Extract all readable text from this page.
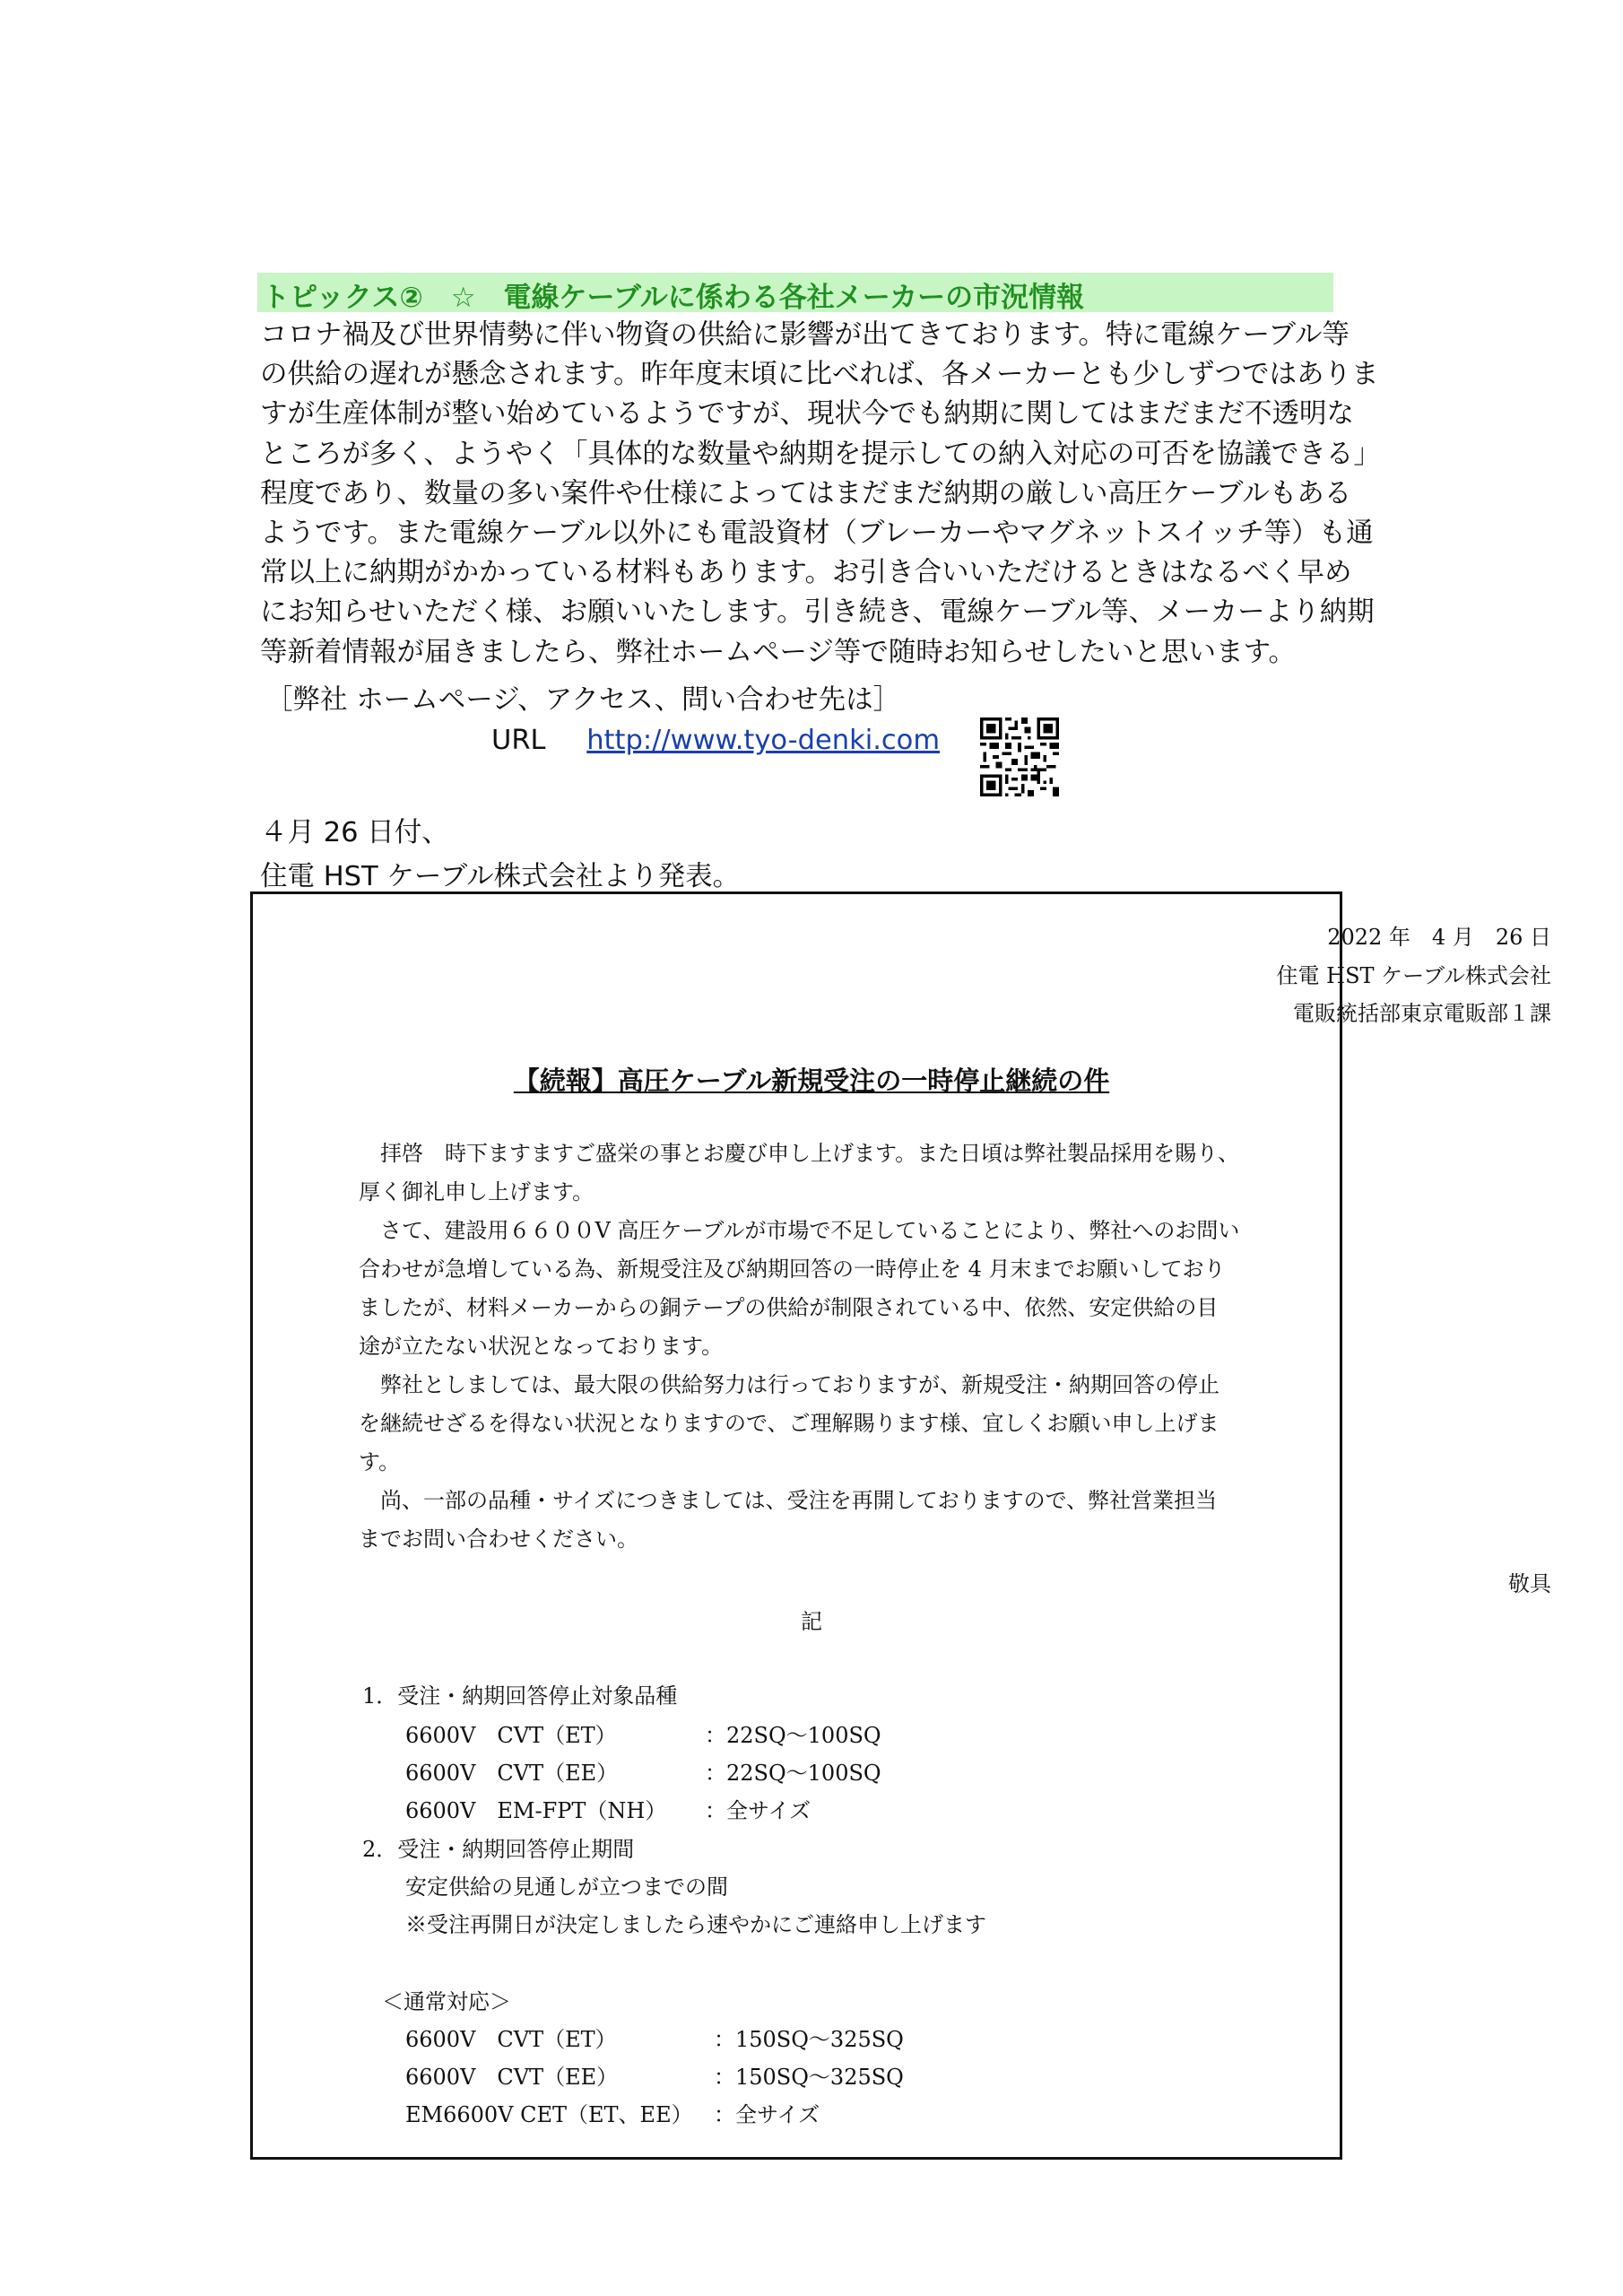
トピックス②　☆　電線ケーブルに係わる各社メーカーの市況情報
コロナ禍及び世界情勢に伴い物資の供給に影響が出てきております。特に電線ケーブル等
の供給の遅れが懸念されます。昨年度末頃に比べれば、各メーカーとも少しずつではありま
すが生産体制が整い始めているようですが、現状今でも納期に関してはまだまだ不透明な
ところが多く、ようやく「具体的な数量や納期を提示しての納入対応の可否を協議できる」
程度であり、数量の多い案件や仕様によってはまだまだ納期の厳しい高圧ケーブルもある
ようです。また電線ケーブル以外にも電設資材（ブレーカーやマグネットスイッチ等）も通
常以上に納期がかかっている材料もあります。お引き合いいただけるときはなるべく早め
にお知らせいただく様、お願いいたします。引き続き、電線ケーブル等、メーカーより納期
等新着情報が届きましたら、弊社ホームページ等で随時お知らせしたいと思います。
［弊社 ホームページ、アクセス、問い合わせ先は］
URL http://www.tyo-denki.com
４月 26 日付、
住電 HST ケーブル株式会社より発表。
2022 年　4 月　26 日
住電 HST ケーブル株式会社
電販統括部東京電販部１課
【続報】高圧ケーブル新規受注の一時停止継続の件
拝啓　時下ますますご盛栄の事とお慶び申し上げます。また日頃は弊社製品採用を賜り、
厚く御礼申し上げます。
さて、建設用６６００V 高圧ケーブルが市場で不足していることにより、弊社へのお問い
合わせが急増している為、新規受注及び納期回答の一時停止を 4 月末までお願いしており
ましたが、材料メーカーからの銅テープの供給が制限されている中、依然、安定供給の目
途が立たない状況となっております。
弊社としましては、最大限の供給努力は行っておりますが、新規受注・納期回答の停止
を継続せざるを得ない状況となりますので、ご理解賜ります様、宜しくお願い申し上げま
す。
尚、一部の品種・サイズにつきましては、受注を再開しておりますので、弊社営業担当
までお問い合わせください。
敬具
記
1．受注・納期回答停止対象品種
6600V　CVT（ET）	：22SQ～100SQ
6600V　CVT（EE）	：22SQ～100SQ
6600V　EM-FPT（NH） ：全サイズ
2．受注・納期回答停止期間
安定供給の見通しが立つまでの間
※受注再開日が決定しましたら速やかにご連絡申し上げます
＜通常対応＞
6600V　CVT（ET）	：150SQ～325SQ
6600V　CVT（EE）	：150SQ～325SQ
EM6600V CET（ET、EE） ：全サイズ
